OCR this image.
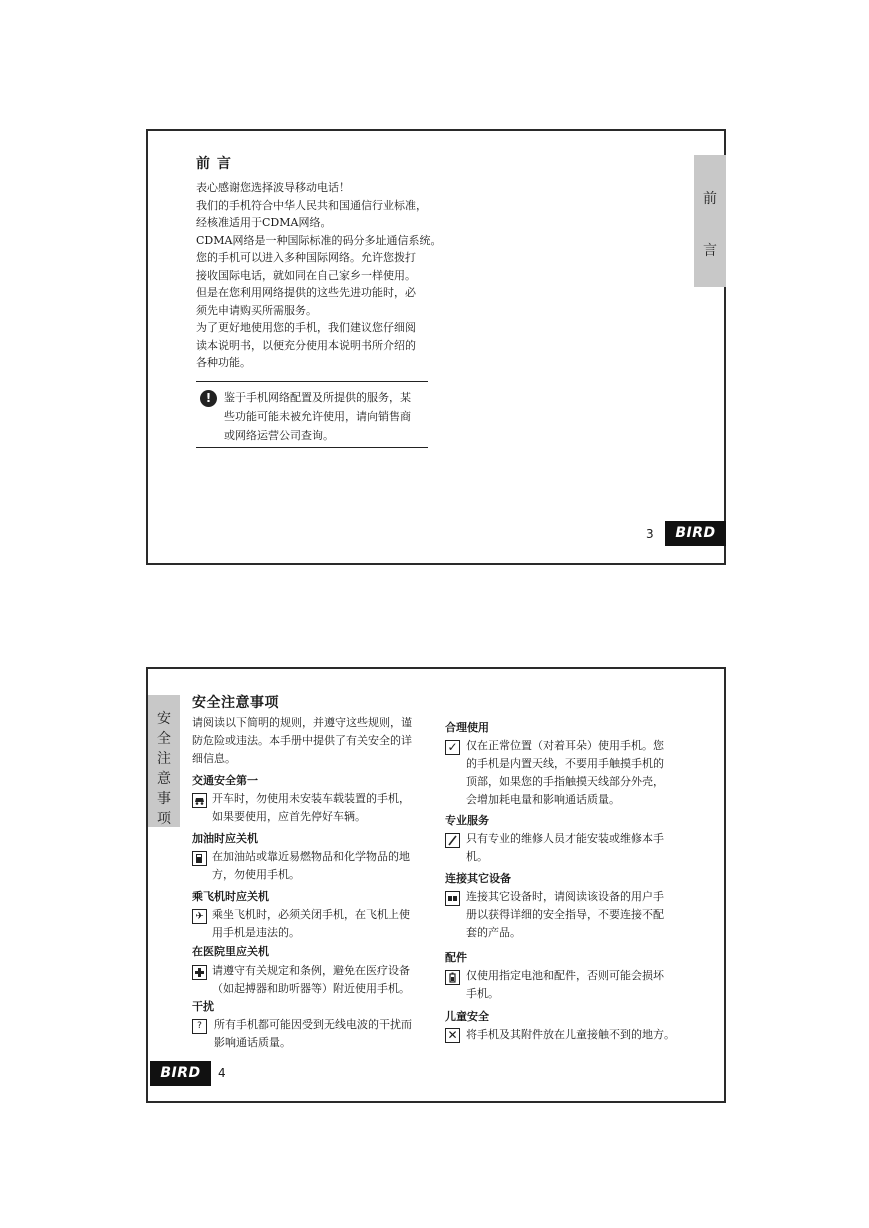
前 言
表心感谢您选择波导移动电话！
我们的手机符合中华人民共和国通信行业标准，
经核准适用于CDMA网络。
CDMA网络是一种国际标准的码分多址通信系统。
您的手机可以进入多种国际网络。允许您拨打
接收国际电话，就如同在自己家乡一样使用。
但是在您利用网络提供的这些先进功能时，必
须先申请购买所需服务。
为了更好地使用您的手机，我们建议您仔细阅
读本说明书，以便充分使用本说明书所介绍的
各种功能。
!	鉴于手机网络配置及所提供的服务，某
些功能可能未被允许使用，请向销售商
或网络运营公司查询。
前
言
3	BIRD
安
全
注
意
事
项
安全注意事项
请阅读以下简明的规则，并遵守这些规则，谨
防危险或违法。本手册中提供了有关安全的详
细信息。
交通安全第一
开车时，勿使用未安装车载装置的手机，
如果要使用，应首先停好车辆。
加油时应关机
在加油站或靠近易燃物品和化学物品的地
方，勿使用手机。
乘飞机时应关机
✈ 乘坐飞机时，必须关闭手机，在飞机上使
用手机是违法的。
在医院里应关机
请遵守有关规定和条例，避免在医疗设备
（如起搏器和助听器等）附近使用手机。
干扰
?	所有手机都可能因受到无线电波的干扰而
影响通话质量。
合理使用
✓ 仅在正常位置（对着耳朵）使用手机。您
的手机是内置天线，不要用手触摸手机的
顶部，如果您的手指触摸天线部分外壳，
会增加耗电量和影响通话质量。
专业服务
只有专业的维修人员才能安装或维修本手
机。
连接其它设备
连接其它设备时，请阅读该设备的用户手
册以获得详细的安全指导，不要连接不配
套的产品。
配件
仅使用指定电池和配件，否则可能会损坏
手机。
儿童安全
✕ 将手机及其附件放在儿童接触不到的地方。
BIRD	4
